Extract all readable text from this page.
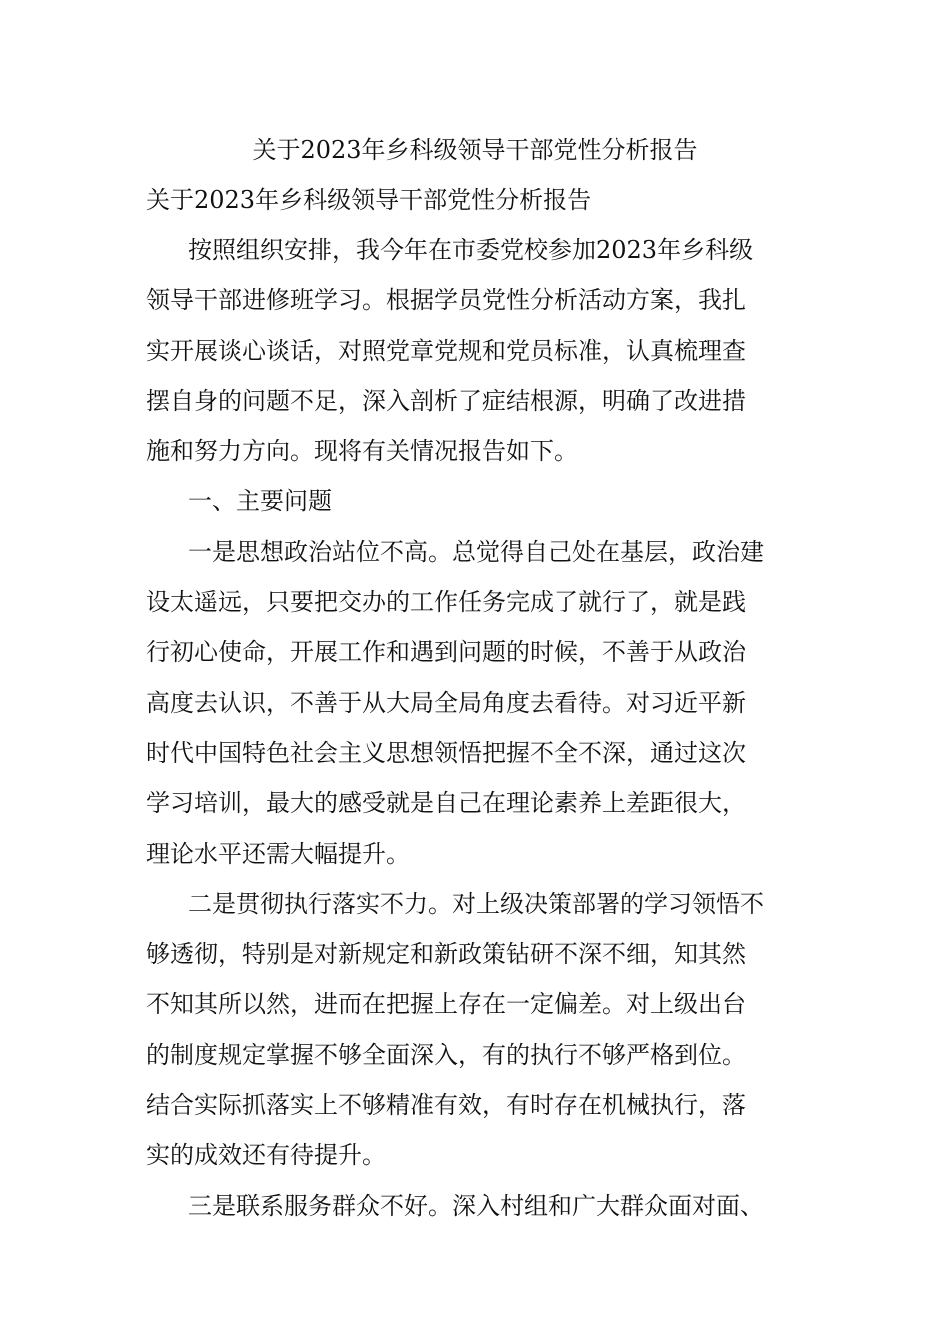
关于2023年乡科级领导干部党性分析报告

关于2023年乡科级领导干部党性分析报告

按照组织安排，我今年在市委党校参加2023年乡科级
领导干部进修班学习。根据学员党性分析活动方案，我扎
实开展谈心谈话，对照党章党规和党员标准，认真梳理查
摆自身的问题不足，深入剖析了症结根源，明确了改进措
施和努力方向。现将有关情况报告如下。
一、主要问题
一是思想政治站位不高。总觉得自己处在基层，政治建
设太遥远，只要把交办的工作任务完成了就行了，就是践
行初心使命，开展工作和遇到问题的时候，不善于从政治
高度去认识，不善于从大局全局角度去看待。对习近平新
时代中国特色社会主义思想领悟把握不全不深，通过这次
学习培训，最大的感受就是自己在理论素养上差距很大，
理论水平还需大幅提升。
二是贯彻执行落实不力。对上级决策部署的学习领悟不
够透彻，特别是对新规定和新政策钻研不深不细，知其然
不知其所以然，进而在把握上存在一定偏差。对上级出台
的制度规定掌握不够全面深入，有的执行不够严格到位。
结合实际抓落实上不够精准有效，有时存在机械执行，落
实的成效还有待提升。
三是联系服务群众不好。深入村组和广大群众面对面、
